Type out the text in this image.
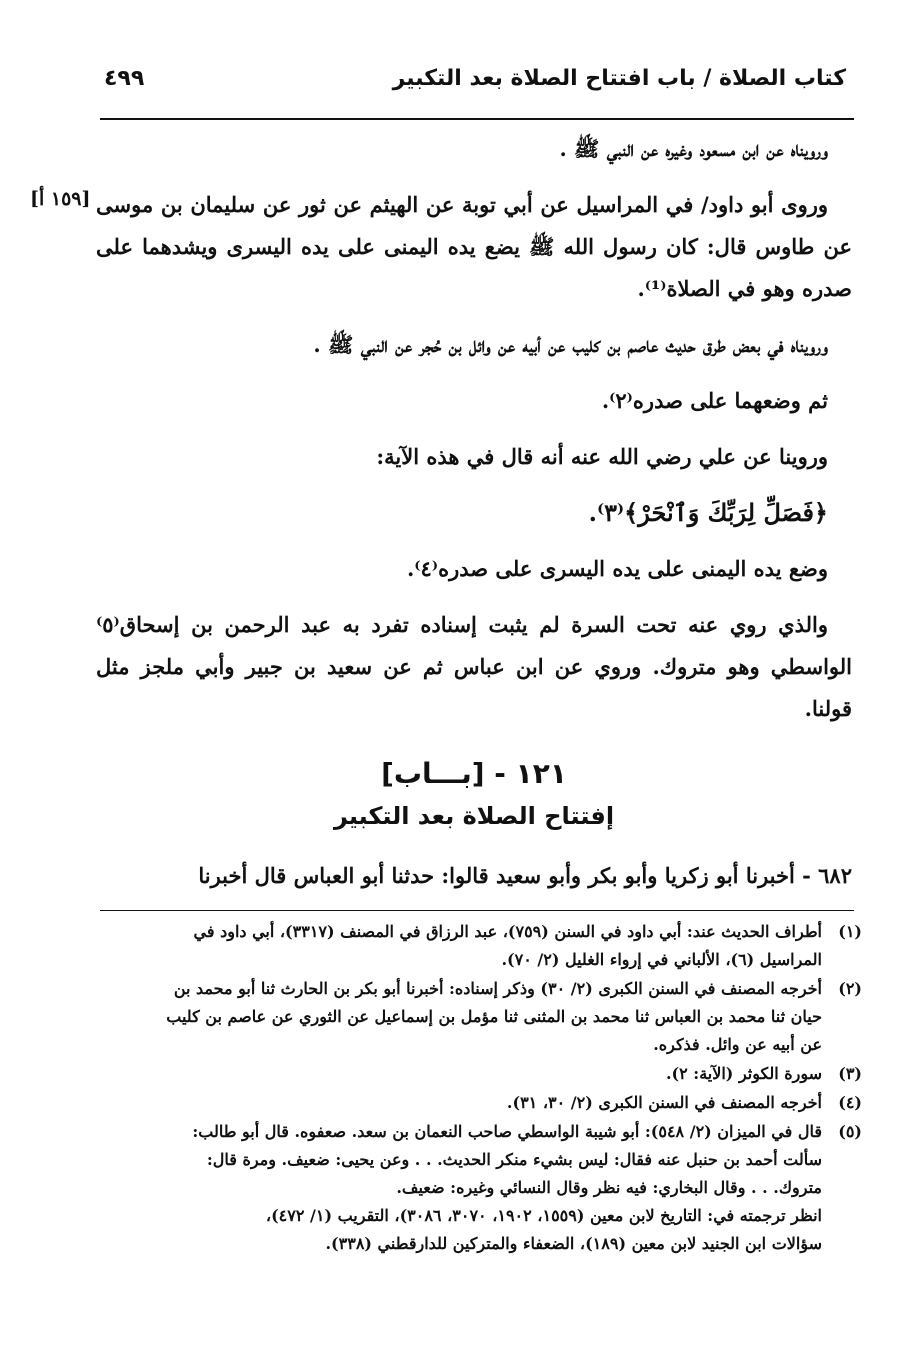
كتاب الصلاة / باب افتتاح الصلاة بعد التكبير
٤٩٩
[١٥٩ أ]

ورويناه عن ابن مسعود وغيره عن النبي ﷺ .

وروى أبو داود/ في المراسيل عن أبي توبة عن الهيثم عن ثور عن سليمان بن موسى عن طاوس قال: كان رسول الله ﷺ يضع يده اليمنى على يده اليسرى ويشدهما على صدره وهو في الصلاة⁽¹⁾.

ورويناه في بعض طرق حديث عاصم بن كليب عن أبيه عن وائل بن حُجر عن النبي ﷺ .

ثم وضعهما على صدره⁽٢⁾.

وروينا عن علي رضي الله عنه أنه قال في هذه الآية:

﴿فَصَلِّ لِرَبِّكَ وَٱنْحَرْ﴾⁽٣⁾.

وضع يده اليمنى على يده اليسرى على صدره⁽٤⁾.

والذي روي عنه تحت السرة لم يثبت إسناده تفرد به عبد الرحمن بن إسحاق⁽٥⁾ الواسطي وهو متروك. وروي عن ابن عباس ثم عن سعيد بن جبير وأبي ملجز مثل قولنا.

١٢١ - [بـــاب]
إفتتاح الصلاة بعد التكبير
٦٨٢ - أخبرنا أبو زكريا وأبو بكر وأبو سعيد قالوا: حدثنا أبو العباس قال أخبرنا
(١)
أطراف الحديث عند: أبي داود في السنن (٧٥٩)، عبد الرزاق في المصنف (٣٣١٧)، أبي داود في
المراسيل (٦)، الألباني في إرواء الغليل (٢/ ٧٠).
(٢)
أخرجه المصنف في السنن الكبرى (٢/ ٣٠) وذكر إسناده: أخبرنا أبو بكر بن الحارث ثنا أبو محمد بن
حيان ثنا محمد بن العباس ثنا محمد بن المثنى ثنا مؤمل بن إسماعيل عن الثوري عن عاصم بن كليب
عن أبيه عن وائل. فذكره.
(٣)
سورة الكوثر (الآية: ٢).
(٤)
أخرجه المصنف في السنن الكبرى (٢/ ٣٠، ٣١).
(٥)
قال في الميزان (٢/ ٥٤٨): أبو شيبة الواسطي صاحب النعمان بن سعد. صعفوه. قال أبو طالب:
سألت أحمد بن حنبل عنه فقال: ليس بشيء منكر الحديث. . . وعن يحيى: ضعيف. ومرة قال:
متروك. . . وقال البخاري: فيه نظر وقال النسائي وغيره: ضعيف.
انظر ترجمته في: التاريخ لابن معين (١٥٥٩، ١٩٠٢، ٣٠٧٠، ٣٠٨٦)، التقريب (١/ ٤٧٢)،
سؤالات ابن الجنيد لابن معين (١٨٩)، الضعفاء والمتركين للدارقطني (٣٣٨).
